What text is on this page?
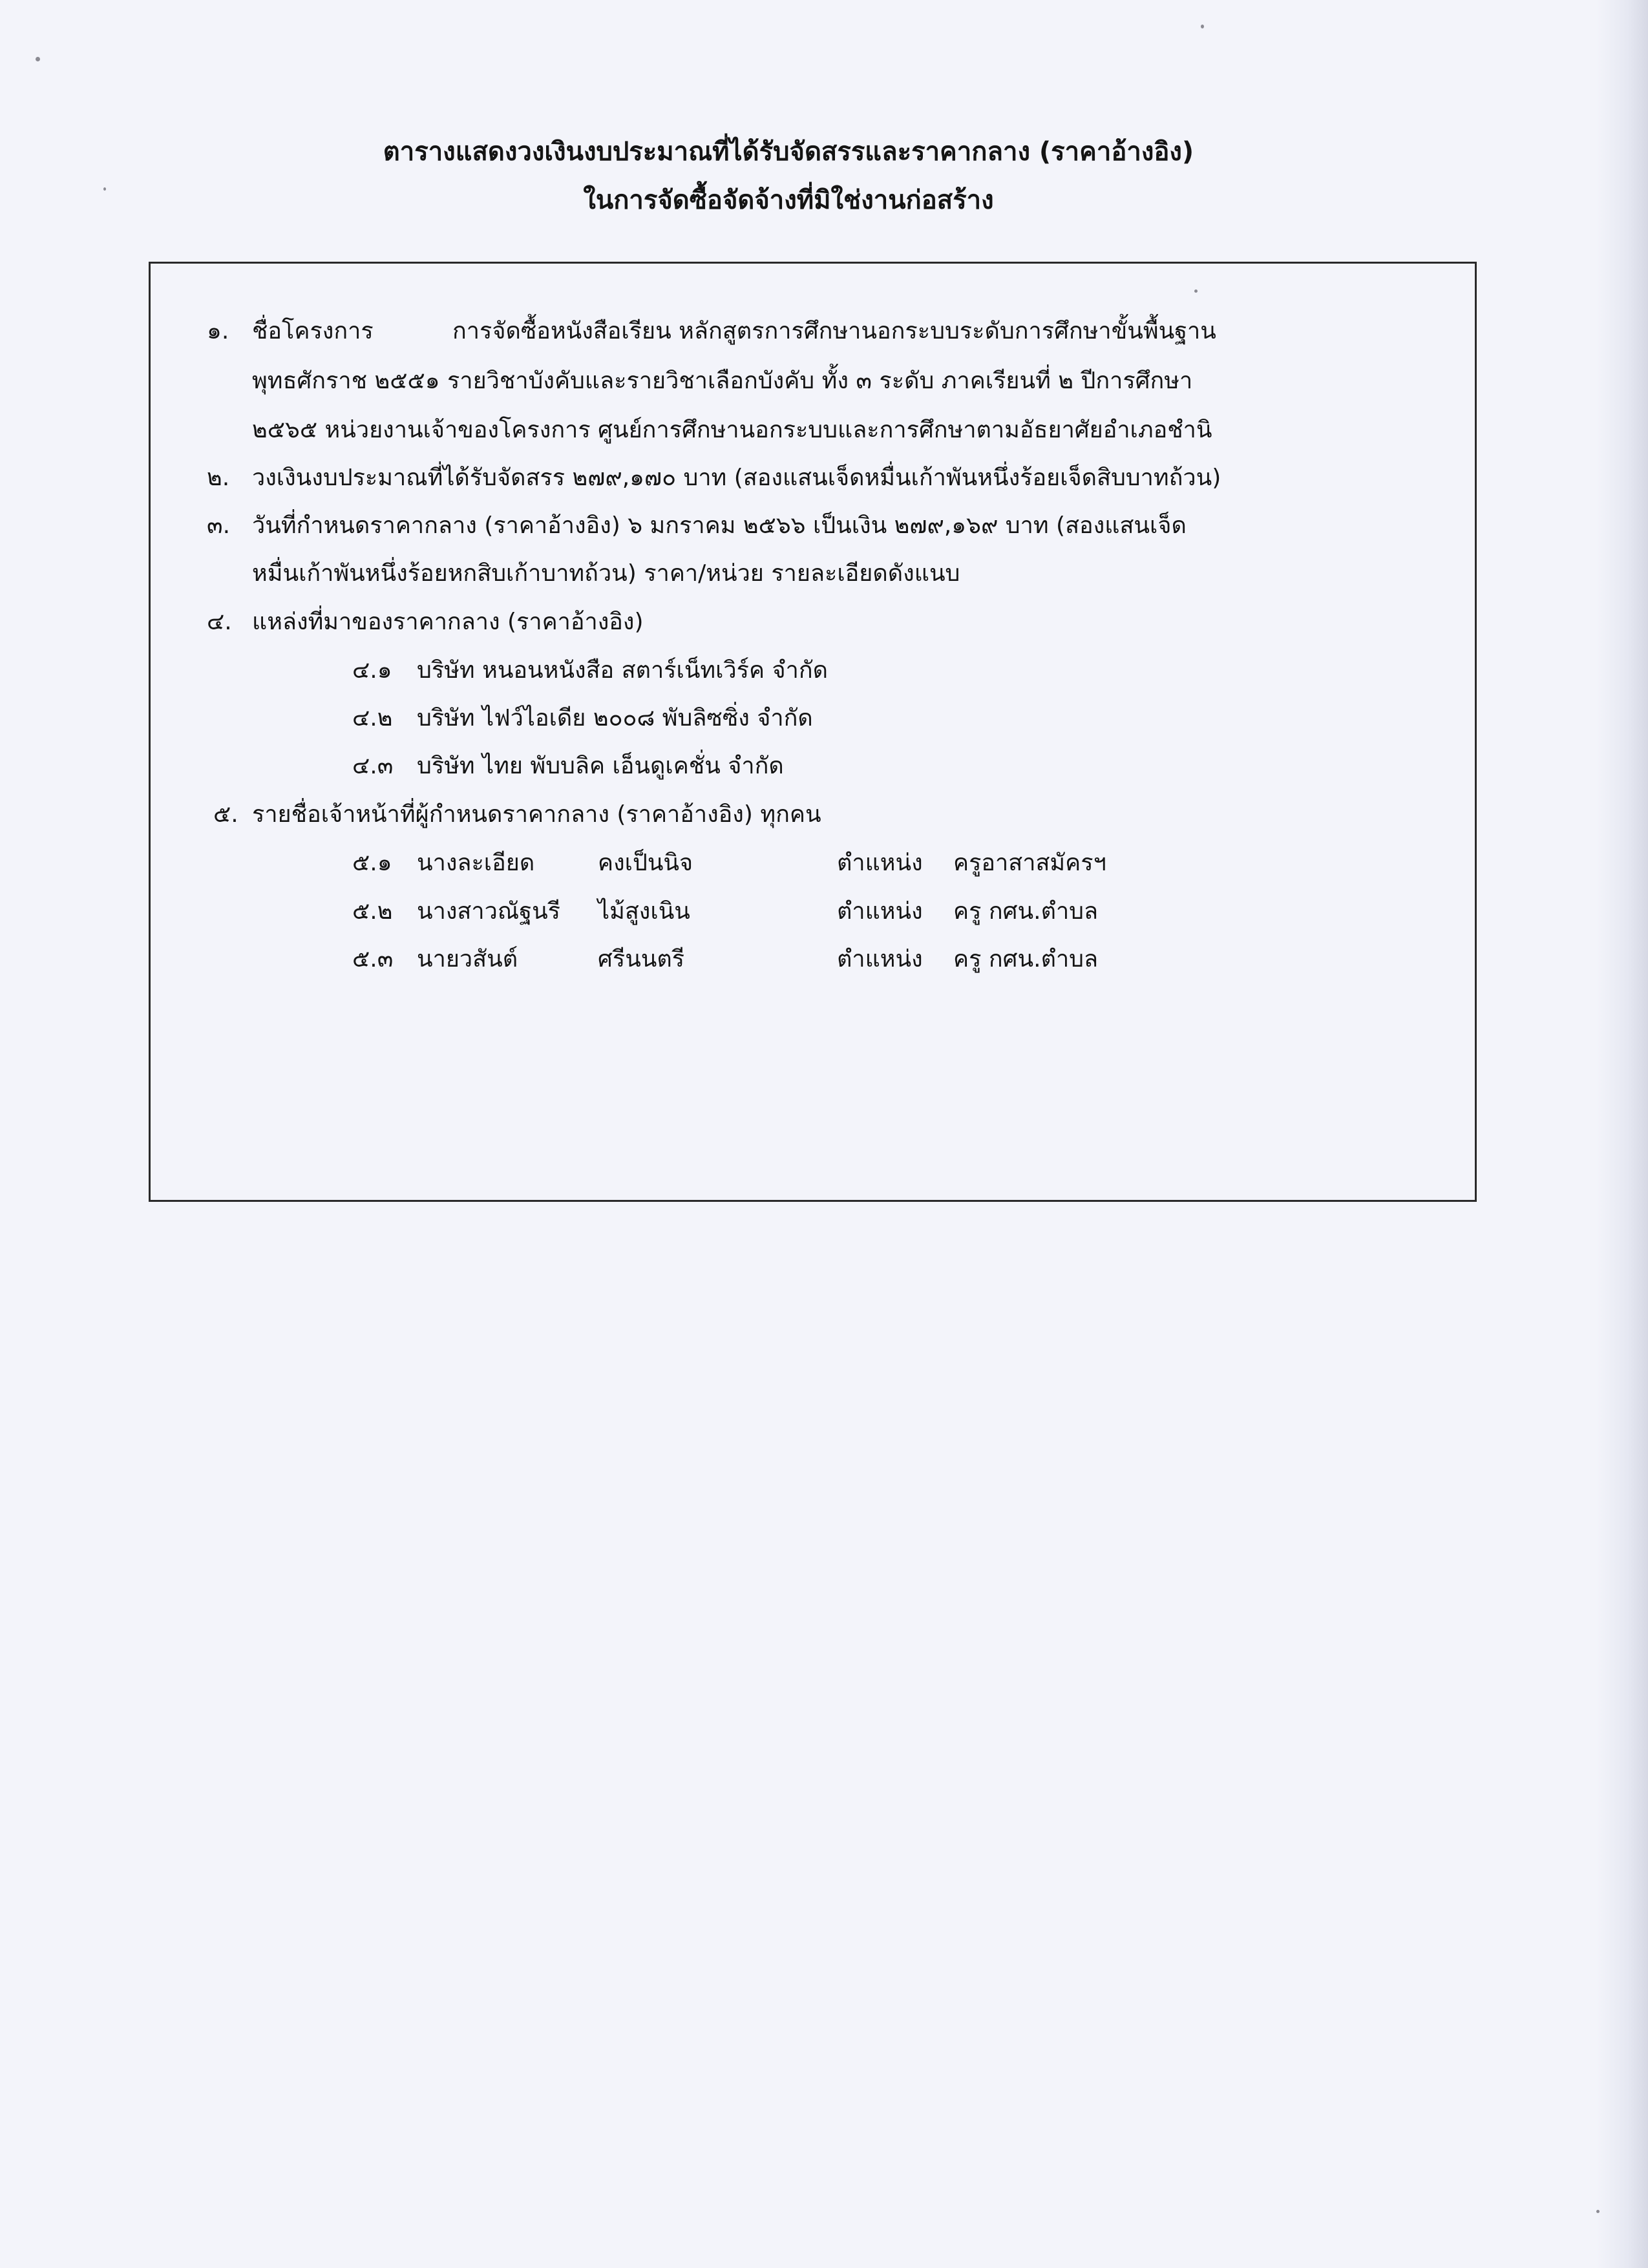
ตารางแสดงวงเงินงบประมาณที่ได้รับจัดสรรและราคากลาง (ราคาอ้างอิง)
ในการจัดซื้อจัดจ้างที่มิใช่งานก่อสร้าง
๑. ชื่อโครงการ	การจัดซื้อหนังสือเรียน หลักสูตรการศึกษานอกระบบระดับการศึกษาขั้นพื้นฐาน
พุทธศักราช ๒๕๕๑ รายวิชาบังคับและรายวิชาเลือกบังคับ ทั้ง ๓ ระดับ ภาคเรียนที่ ๒ ปีการศึกษา
๒๕๖๕ หน่วยงานเจ้าของโครงการ ศูนย์การศึกษานอกระบบและการศึกษาตามอัธยาศัยอำเภอชำนิ
๒. วงเงินงบประมาณที่ได้รับจัดสรร ๒๗๙,๑๗๐ บาท (สองแสนเจ็ดหมื่นเก้าพันหนึ่งร้อยเจ็ดสิบบาทถ้วน)
๓. วันที่กำหนดราคากลาง (ราคาอ้างอิง) ๖ มกราคม ๒๕๖๖ เป็นเงิน ๒๗๙,๑๖๙ บาท (สองแสนเจ็ด
หมื่นเก้าพันหนึ่งร้อยหกสิบเก้าบาทถ้วน) ราคา/หน่วย รายละเอียดดังแนบ
๔. แหล่งที่มาของราคากลาง (ราคาอ้างอิง)
๔.๑ บริษัท หนอนหนังสือ สตาร์เน็ทเวิร์ค จำกัด
๔.๒ บริษัท ไฟว์ไอเดีย ๒๐๐๘ พับลิซซิ่ง จำกัด
๔.๓ บริษัท ไทย พับบลิค เอ็นดูเคชั่น จำกัด
๕. รายชื่อเจ้าหน้าที่ผู้กำหนดราคากลาง (ราคาอ้างอิง) ทุกคน
๕.๑ นางละเอียด	คงเป็นนิจ	ตำแหน่ง ครูอาสาสมัครฯ
๕.๒ นางสาวณัฐนรี ไม้สูงเนิน	ตำแหน่ง ครู กศน.ตำบล
๕.๓ นายวสันต์	ศรีนนตรี	ตำแหน่ง ครู กศน.ตำบล
